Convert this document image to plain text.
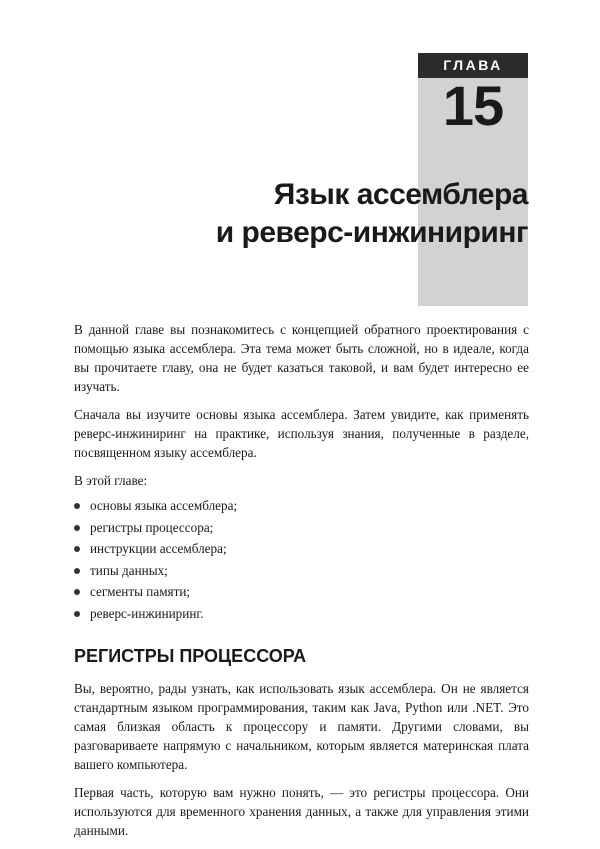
ГЛАВА
15
Язык ассемблера
и реверс-инжиниринг

В данной главе вы познакомитесь с концепцией обратного проектирования с помощью языка ассемблера. Эта тема может быть сложной, но в идеале, когда вы прочитаете главу, она не будет казаться таковой, и вам будет интересно ее изучать.

Сначала вы изучите основы языка ассемблера. Затем увидите, как применять реверс-инжиниринг на практике, используя знания, полученные в разделе, посвященном языку ассемблера.

В этой главе:

основы языка ассемблера;
регистры процессора;
инструкции ассемблера;
типы данных;
сегменты памяти;
реверс-инжиниринг.
РЕГИСТРЫ ПРОЦЕССОРА

Вы, вероятно, рады узнать, как использовать язык ассемблера. Он не является стандартным языком программирования, таким как Java, Python или .NET. Это самая близкая область к процессору и памяти. Другими словами, вы разговариваете напрямую с начальником, которым является материнская плата вашего компьютера.

Первая часть, которую вам нужно понять, — это регистры процессора. Они используются для временного хранения данных, а также для управления этими данными.
